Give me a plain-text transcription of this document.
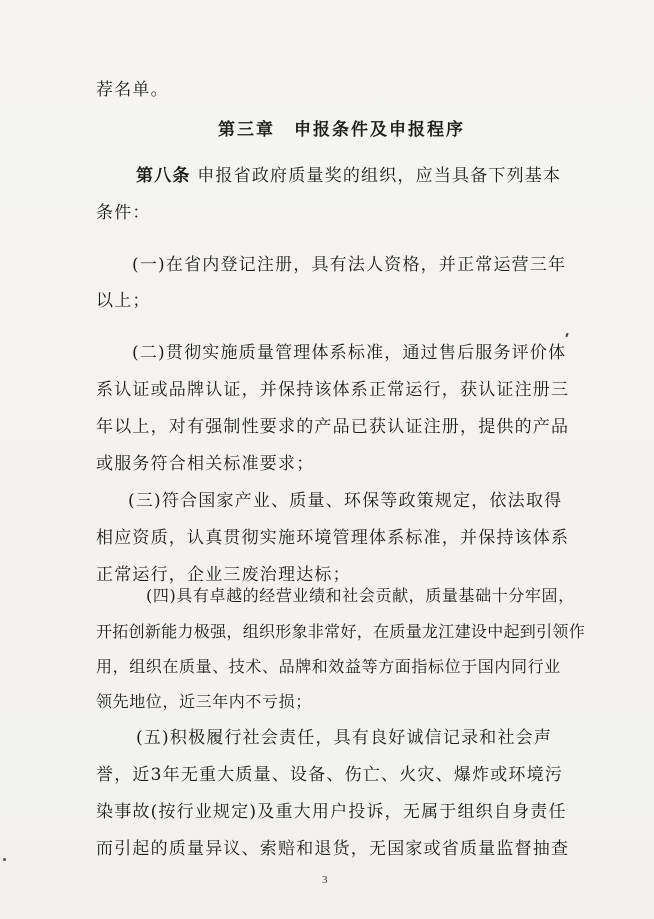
荐名单。
第三章　申报条件及申报程序
第八条 申报省政府质量奖的组织，应当具备下列基本
条件：
(一)在省内登记注册，具有法人资格，并正常运营三年
以上；
(二)贯彻实施质量管理体系标准，通过售后服务评价体
系认证或品牌认证，并保持该体系正常运行，获认证注册三
年以上，对有强制性要求的产品已获认证注册，提供的产品
或服务符合相关标准要求；
(三)符合国家产业、质量、环保等政策规定，依法取得
相应资质，认真贯彻实施环境管理体系标准，并保持该体系
正常运行，企业三废治理达标；
(四)具有卓越的经营业绩和社会贡献，质量基础十分牢固，
开拓创新能力极强，组织形象非常好，在质量龙江建设中起到引领作
用，组织在质量、技术、品牌和效益等方面指标位于国内同行业
领先地位，近三年内不亏损；
(五)积极履行社会责任，具有良好诚信记录和社会声
誉，近3年无重大质量、设备、伤亡、火灾、爆炸或环境污
染事故(按行业规定)及重大用户投诉，无属于组织自身责任
而引起的质量异议、索赔和退货，无国家或省质量监督抽查
3
